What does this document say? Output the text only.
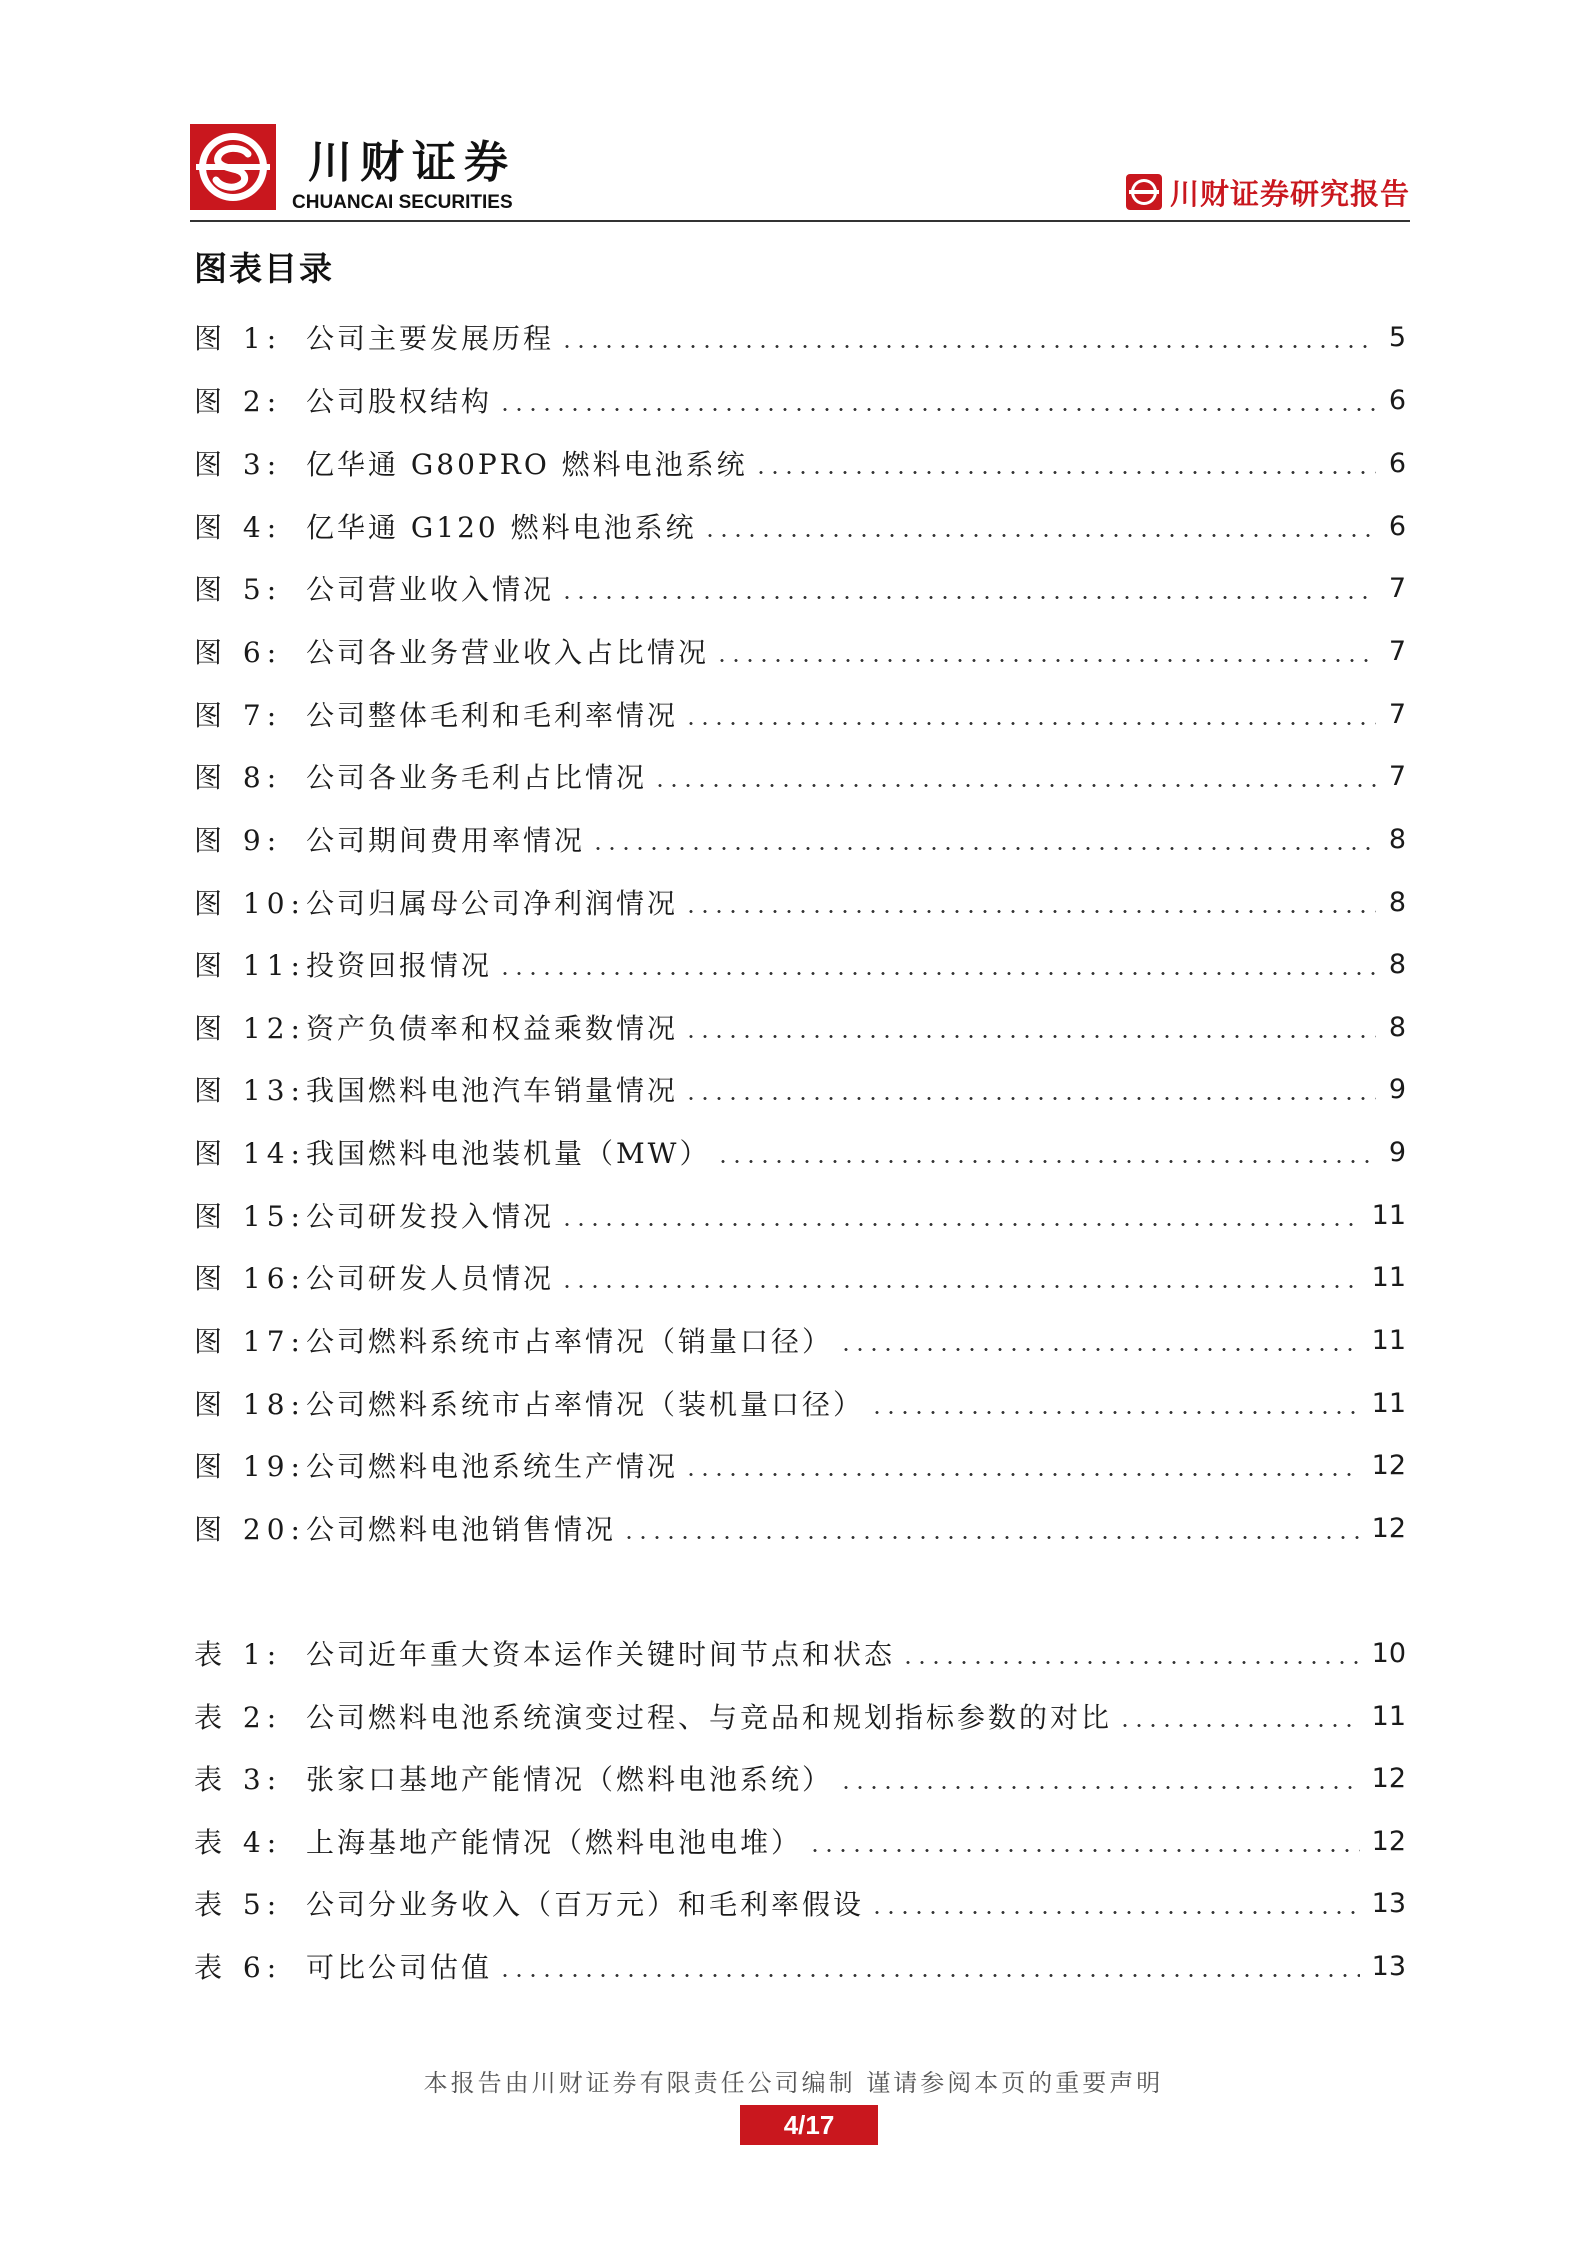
川财证券
CHUANCAI SECURITIES	川财证券研究报告
图表目录
图 1: 公司主要发展历程	5
图 2: 公司股权结构	6
图 3: 亿华通 G80PRO 燃料电池系统	6
图 4: 亿华通 G120 燃料电池系统	6
图 5: 公司营业收入情况	7
图 6: 公司各业务营业收入占比情况	7
图 7: 公司整体毛利和毛利率情况	7
图 8: 公司各业务毛利占比情况	7
图 9: 公司期间费用率情况	8
图 10: 公司归属母公司净利润情况	8
图 11: 投资回报情况	8
图 12: 资产负债率和权益乘数情况	8
图 13: 我国燃料电池汽车销量情况	9
图 14: 我国燃料电池装机量（MW）	9
图 15: 公司研发投入情况	11
图 16: 公司研发人员情况	11
图 17: 公司燃料系统市占率情况（销量口径）	11
图 18: 公司燃料系统市占率情况（装机量口径）	11
图 19: 公司燃料电池系统生产情况	12
图 20: 公司燃料电池销售情况	12
表 1: 公司近年重大资本运作关键时间节点和状态	10
表 2: 公司燃料电池系统演变过程、与竞品和规划指标参数的对比	11
表 3: 张家口基地产能情况（燃料电池系统）	12
表 4: 上海基地产能情况（燃料电池电堆）	12
表 5: 公司分业务收入（百万元）和毛利率假设	13
表 6: 可比公司估值	13
本报告由川财证券有限责任公司编制 谨请参阅本页的重要声明
4/17
